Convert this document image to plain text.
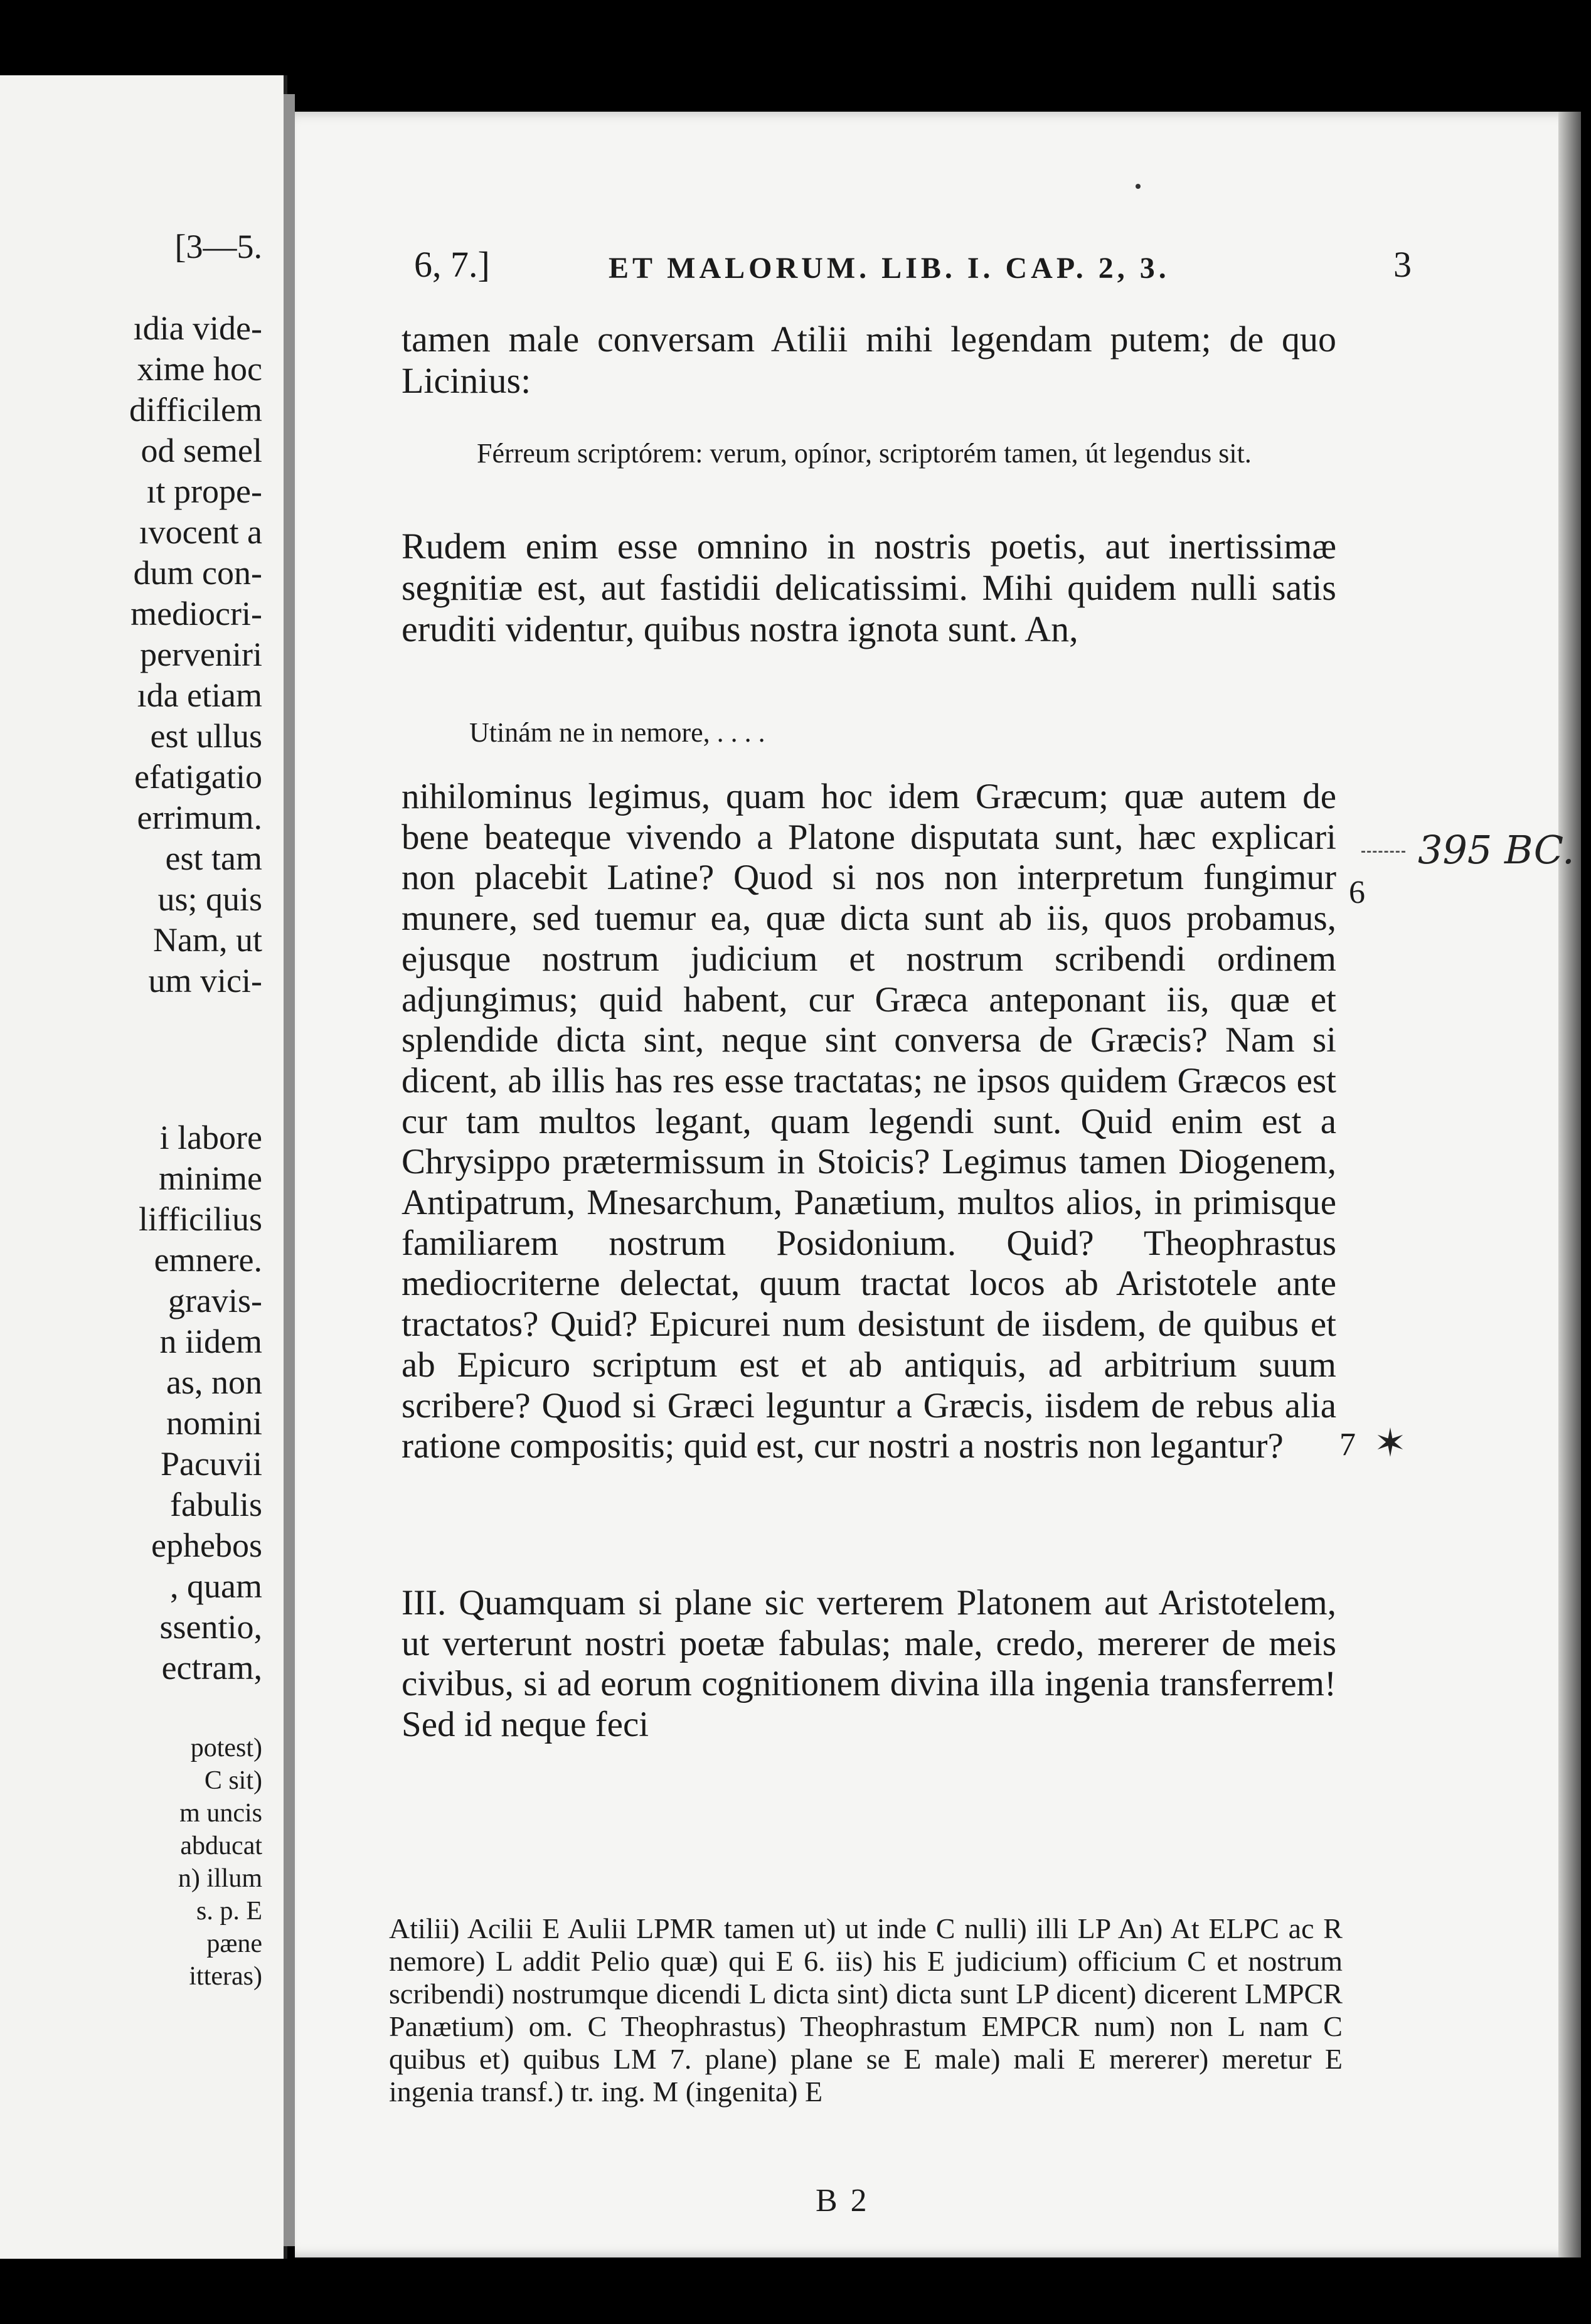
[3—5.
ıdia vide-
xime hoc
difficilem
od semel
ıt prope-
ıvocent a
dum con-
mediocri-
perveniri
ıda etiam
est ullus
efatigatio
errimum.
est tam
us; quis
Nam, ut
um vici-
i labore
minime
lifficilius
emnere.
gravis-
n iidem
as, non
nomini
Pacuvii
fabulis
ephebos
, quam
ssentio,
ectram,
potest)
C sit)
m uncis
abducat
n) illum
s. p. E
pæne
itteras)
6, 7.]	ET MALORUM. LIB. I. CAP. 2, 3.	3

tamen male conversam Atilii mihi legendam putem; de quo Licinius:

Férreum scriptórem: verum, opínor, scriptorém tamen, út legendus sit.

Rudem enim esse omnino in nostris poetis, aut inertissimæ segnitiæ est, aut fastidii delicatissimi. Mihi quidem nulli satis eruditi videntur, quibus nostra ignota sunt. An,

Utinám ne in nemore, . . . .

nihilominus legimus, quam hoc idem Græcum; quæ autem de bene beateque vivendo a Platone disputata sunt, hæc explicari non placebit Latine? Quod si nos non interpretum fungimur munere, sed tuemur ea, quæ dicta sunt ab iis, quos probamus, ejusque nostrum judicium et nostrum scribendi ordinem adjungimus; quid habent, cur Græca anteponant iis, quæ et splendide dicta sint, neque sint conversa de Græcis? Nam si dicent, ab illis has res esse tractatas; ne ipsos quidem Græcos est cur tam multos legant, quam legendi sunt. Quid enim est a Chrysippo prætermissum in Stoicis? Legimus tamen Diogenem, Antipatrum, Mnesarchum, Panætium, multos alios, in primisque familiarem nostrum Posidonium. Quid? Theophrastus mediocriterne delectat, quum tractat locos ab Aristotele ante tractatos? Quid? Epicurei num desistunt de iisdem, de quibus et ab Epicuro scriptum est et ab antiquis, ad arbitrium suum scribere? Quod si Græci leguntur a Græcis, iisdem de rebus alia ratione compositis; quid est, cur nostri a nostris non legantur?

III. Quamquam si plane sic verterem Platonem aut Aristotelem, ut verterunt nostri poetæ fabulas; male, credo, mererer de meis civibus, si ad eorum cognitionem divina illa ingenia transferrem! Sed id neque feci

6
7
395 BC.
✶
Atilii) Acilii E Aulii LPMR tamen ut) ut inde C nulli) illi LP An) At ELPC ac R nemore) L addit Pelio quæ) qui E 6. iis) his E judicium) officium C et nostrum scribendi) nostrumque dicendi L dicta sint) dicta sunt LP dicent) dicerent LMPCR Panætium) om. C Theophrastus) Theophrastum EMPCR num) non L nam C quibus et) quibus LM 7. plane) plane se E male) mali E mererer) meretur E ingenia transf.) tr. ing. M (ingenita) E
B 2
